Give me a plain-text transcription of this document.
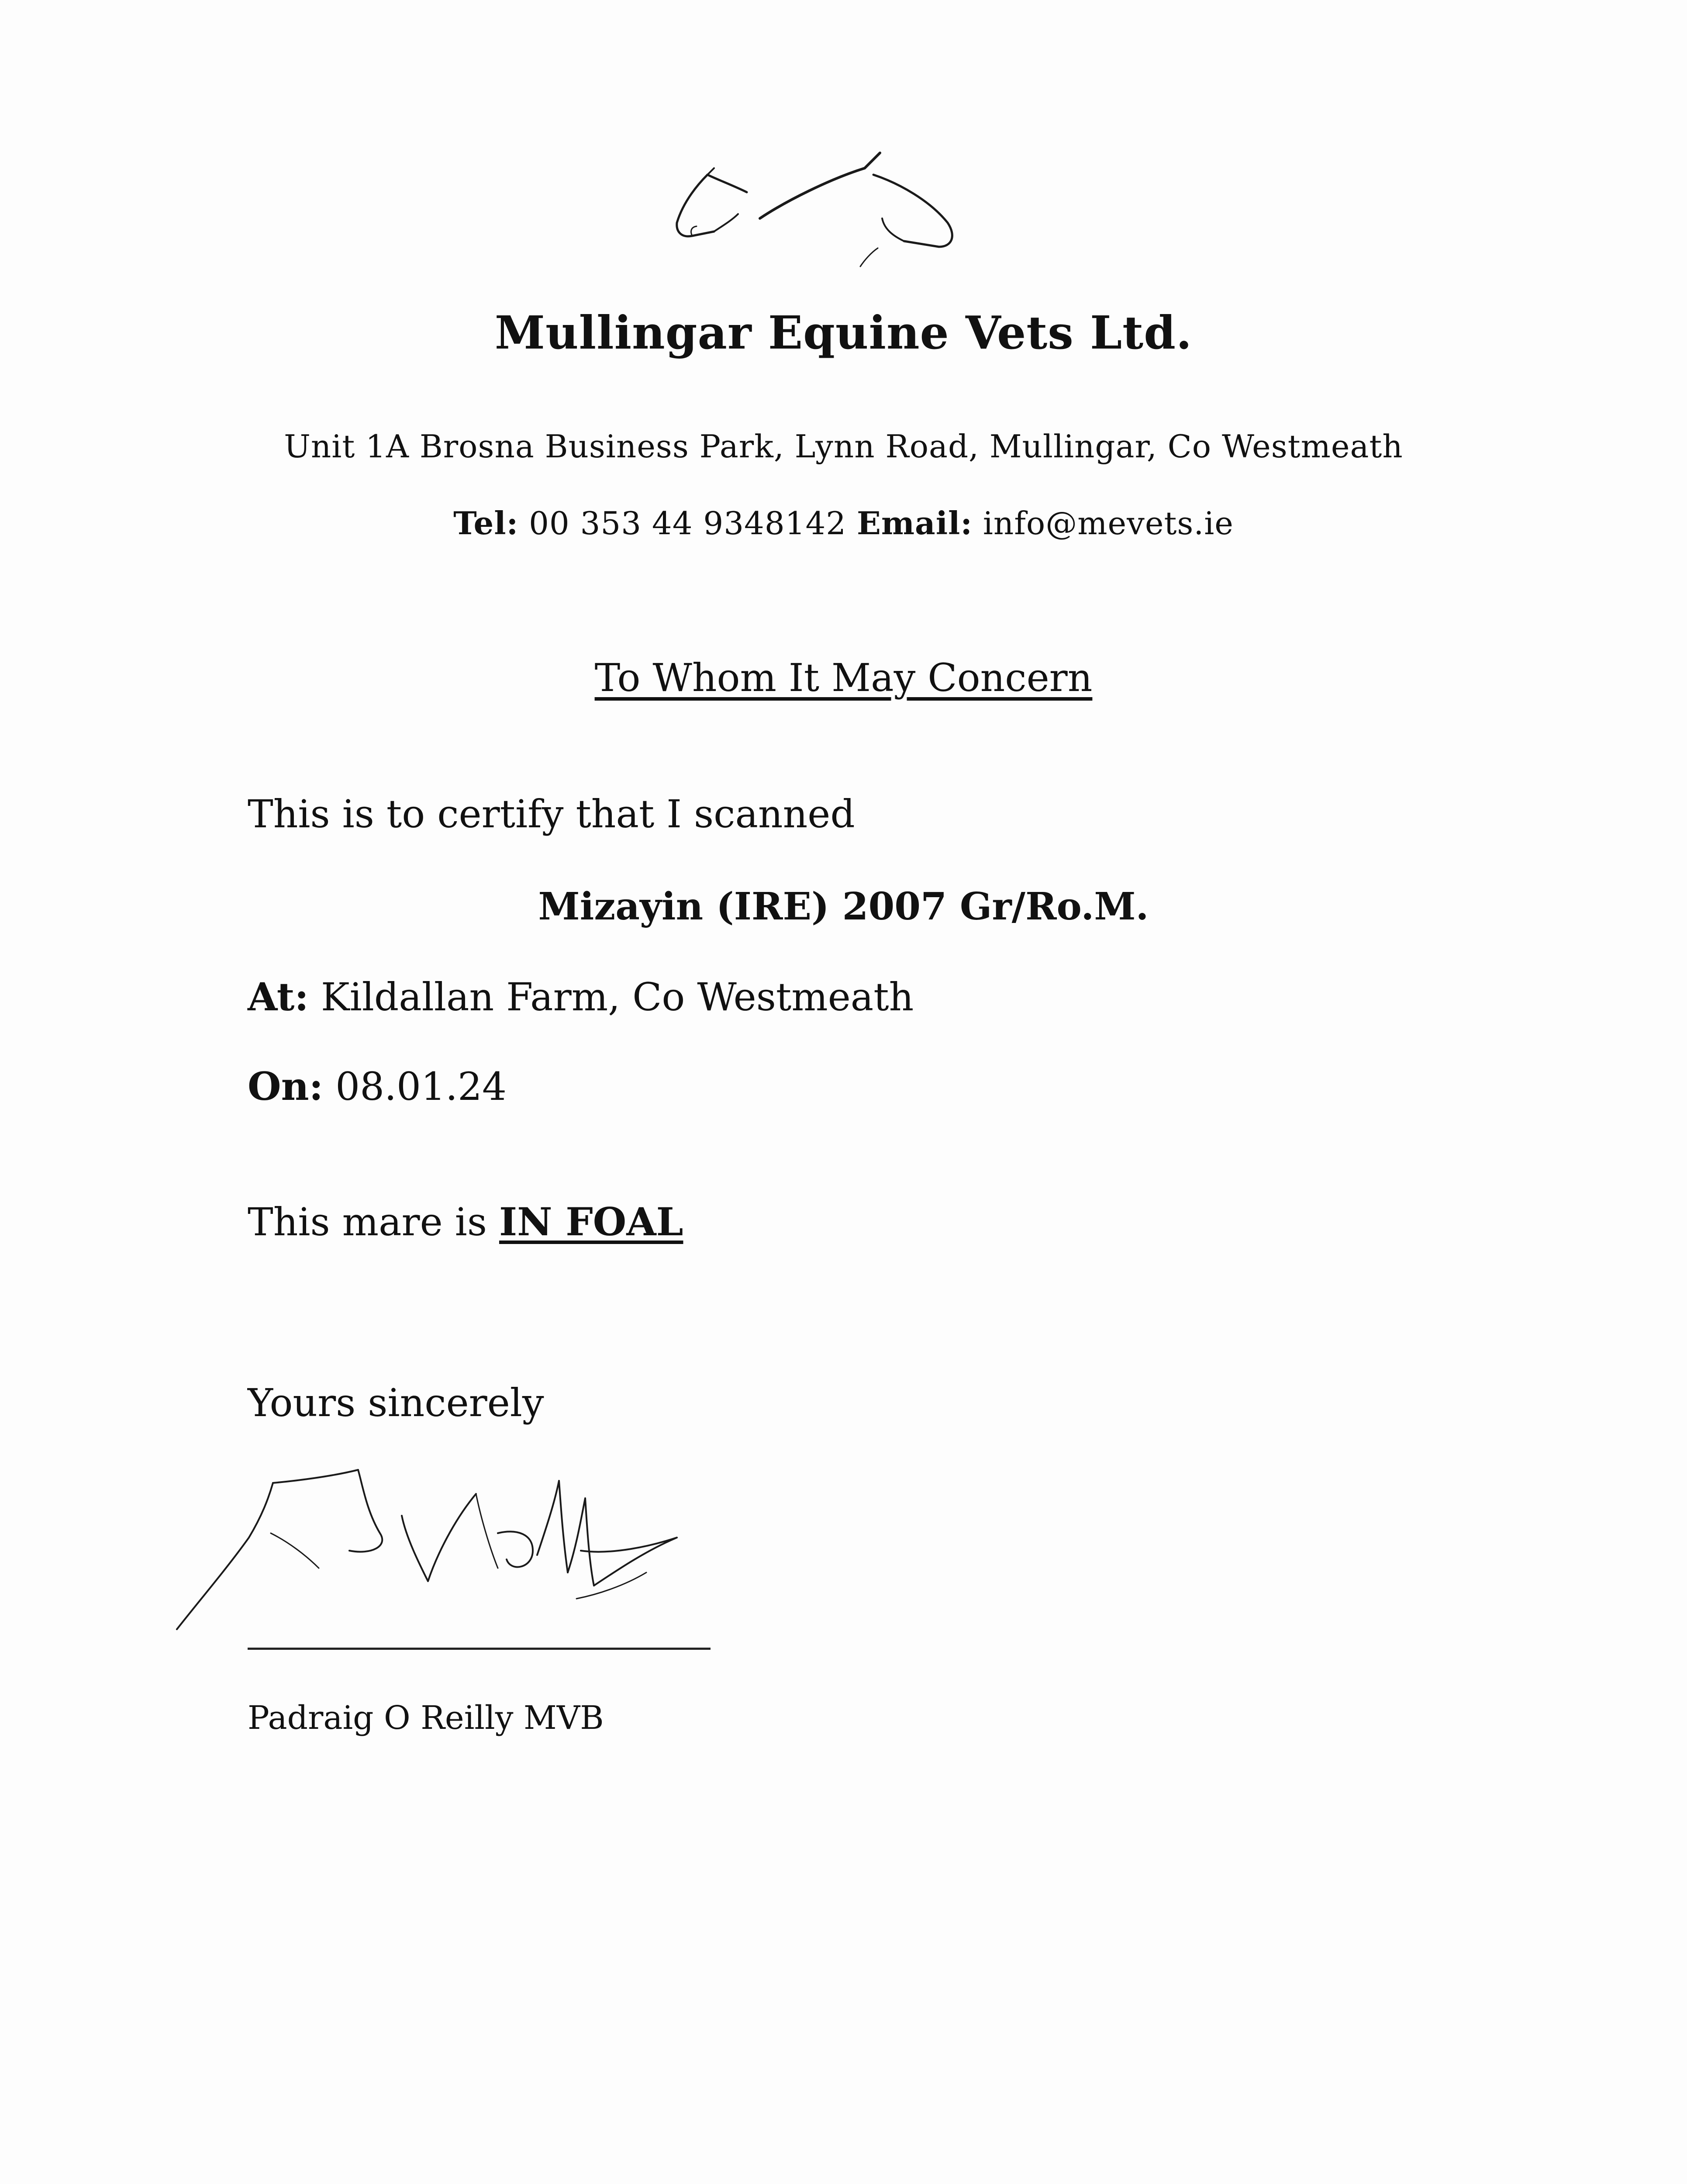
Mullingar Equine Vets Ltd.
Unit 1A Brosna Business Park, Lynn Road, Mullingar, Co Westmeath
Tel: 00 353 44 9348142 Email: info@mevets.ie
To Whom It May Concern
This is to certify that I scanned
Mizayin (IRE) 2007 Gr/Ro.M.
At: Kildallan Farm, Co Westmeath
On: 08.01.24
This mare is IN FOAL
Yours sincerely
Padraig O Reilly MVB
